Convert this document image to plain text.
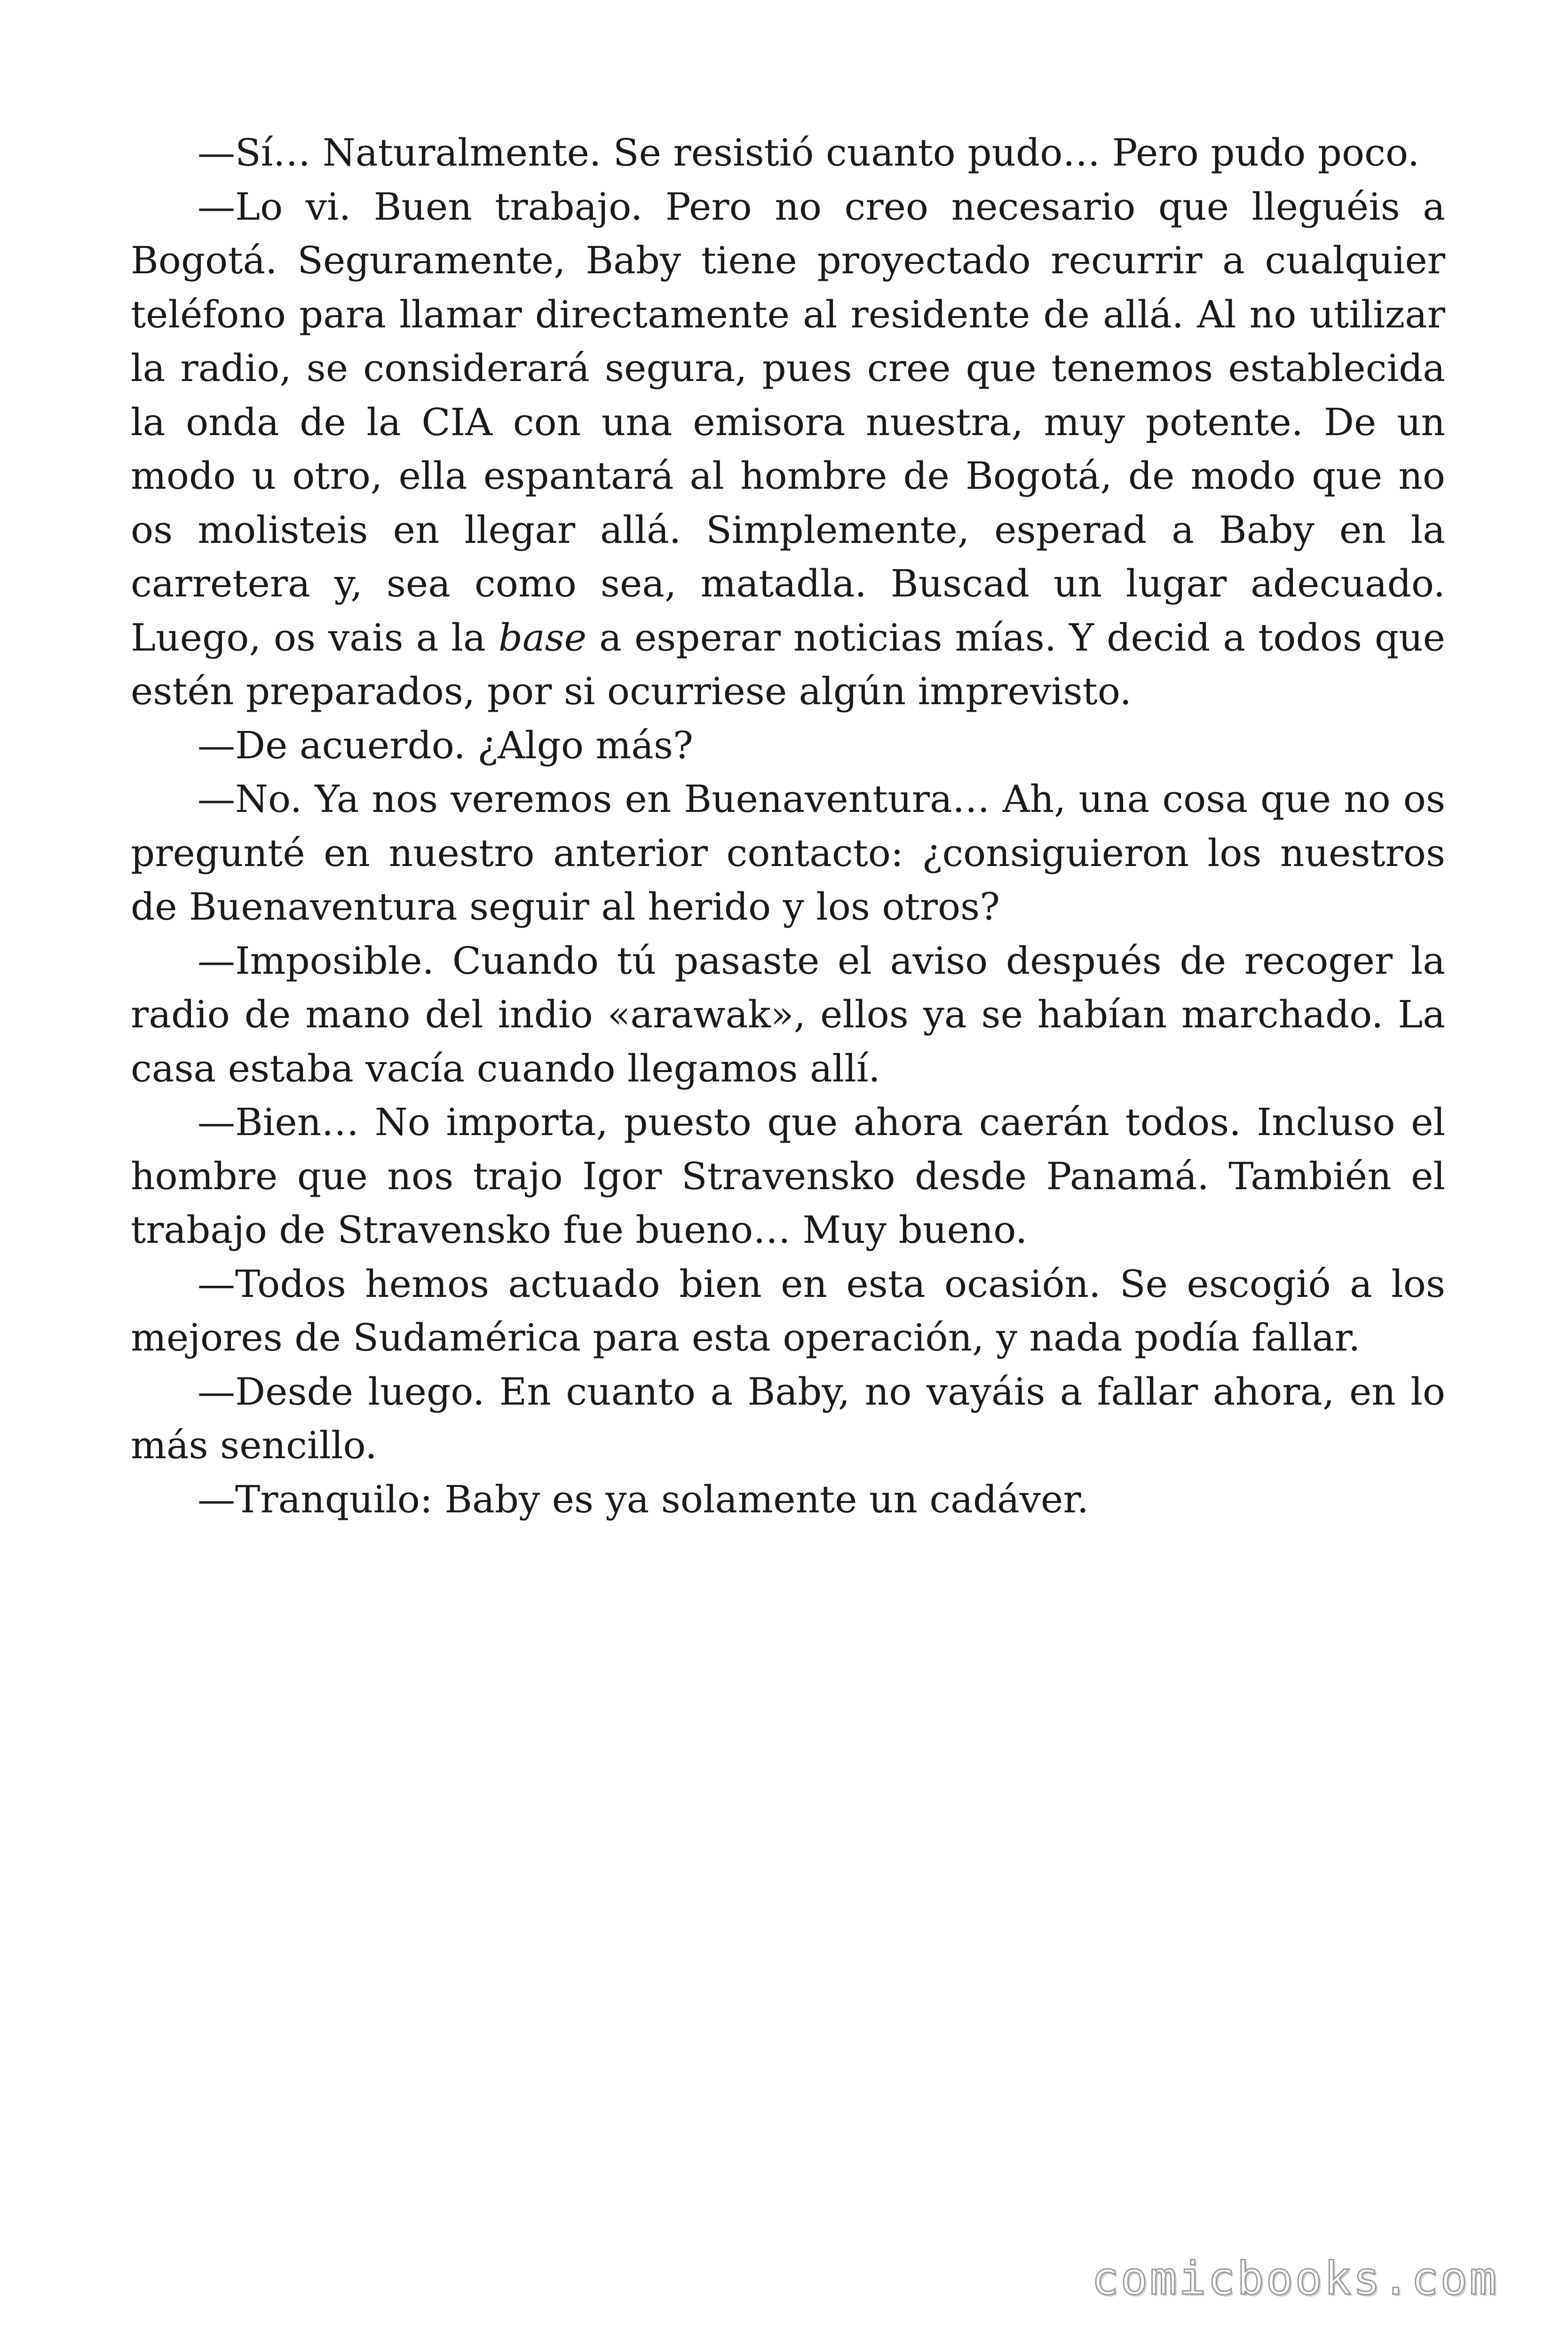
—Sí… Naturalmente. Se resistió cuanto pudo… Pero pudo poco.

—Lo vi. Buen trabajo. Pero no creo necesario que lleguéis a Bogotá. Seguramente, Baby tiene proyectado recurrir a cualquier teléfono para llamar directamente al residente de allá. Al no utilizar la radio, se considerará segura, pues cree que tenemos establecida la onda de la CIA con una emisora nuestra, muy potente. De un modo u otro, ella espantará al hombre de Bogotá, de modo que no os molisteis en llegar allá. Simplemente, esperad a Baby en la carretera y, sea como sea, matadla. Buscad un lugar adecuado. Luego, os vais a la base a esperar noticias mías. Y decid a todos que estén preparados, por si ocurriese algún imprevisto.

—De acuerdo. ¿Algo más?

—No. Ya nos veremos en Buenaventura… Ah, una cosa que no os pregunté en nuestro anterior contacto: ¿consiguieron los nuestros de Buenaventura seguir al herido y los otros?

—Imposible. Cuando tú pasaste el aviso después de recoger la radio de mano del indio «arawak», ellos ya se habían marchado. La casa estaba vacía cuando llegamos allí.

—Bien… No importa, puesto que ahora caerán todos. Incluso el hombre que nos trajo Igor Stravensko desde Panamá. También el trabajo de Stravensko fue bueno… Muy bueno.

—Todos hemos actuado bien en esta ocasión. Se escogió a los mejores de Sudamérica para esta operación, y nada podía fallar.

—Desde luego. En cuanto a Baby, no vayáis a fallar ahora, en lo más sencillo.

—Tranquilo: Baby es ya solamente un cadáver.

comicbooks.com
